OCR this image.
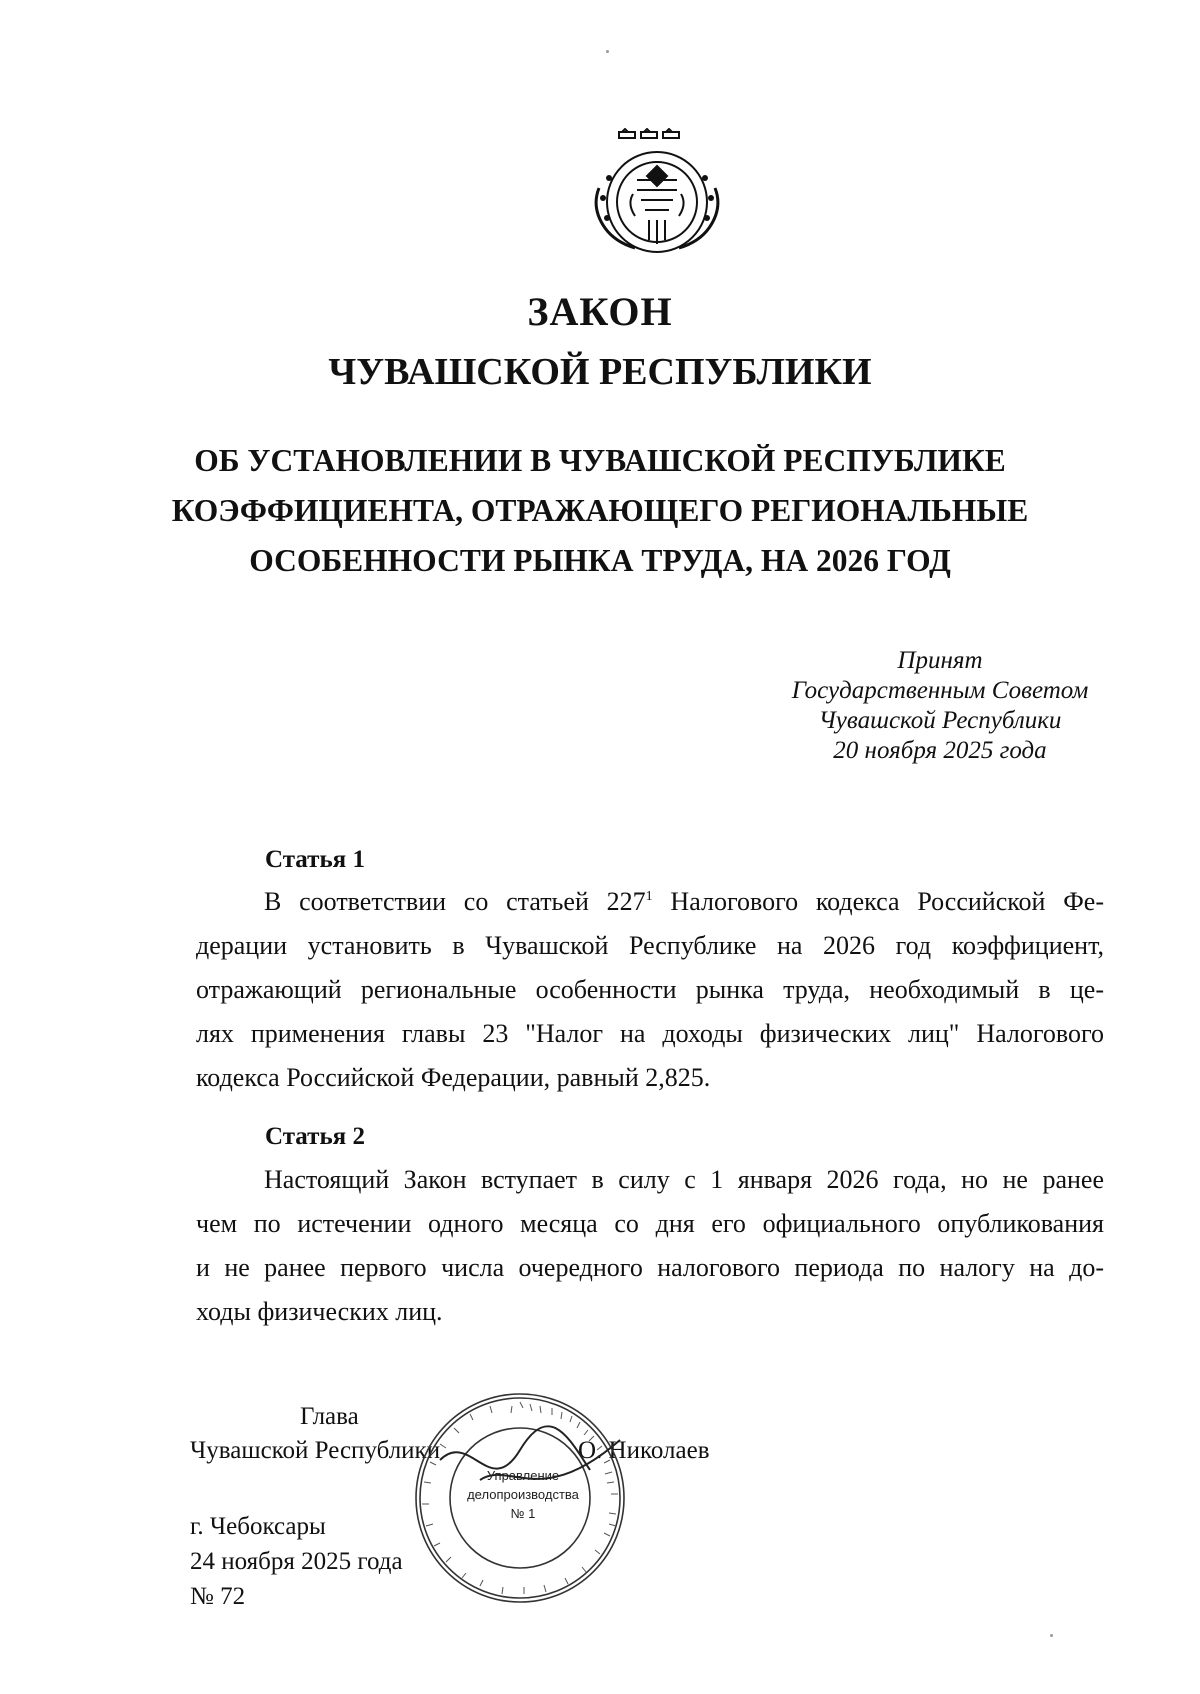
ЗАКОН
ЧУВАШСКОЙ РЕСПУБЛИКИ
ОБ УСТАНОВЛЕНИИ В ЧУВАШСКОЙ РЕСПУБЛИКЕ
КОЭФФИЦИЕНТА, ОТРАЖАЮЩЕГО РЕГИОНАЛЬНЫЕ
ОСОБЕННОСТИ РЫНКА ТРУДА, НА 2026 ГОД
Принят
Государственным Советом
Чувашской Республики
20 ноября 2025 года
Статья 1
В соответствии со статьей $227^1$ Налогового кодекса Российской Фе-
дерации установить в Чувашской Республике на 2026 год коэффициент,
отражающий региональные особенности рынка труда, необходимый в це-
лях применения главы 23 "Налог на доходы физических лиц" Налогового
кодекса Российской Федерации, равный 2,825.
Статья 2
Настоящий Закон вступает в силу с 1 января 2026 года, но не ранее
чем по истечении одного месяца со дня его официального опубликования
и не ранее первого числа очередного налогового периода по налогу на до-
ходы физических лиц.
Глава
Чувашской Республики	О. Николаев
г. Чебоксары
24 ноября 2025 года
№ 72
Управление
делопроизводства
№ 1
